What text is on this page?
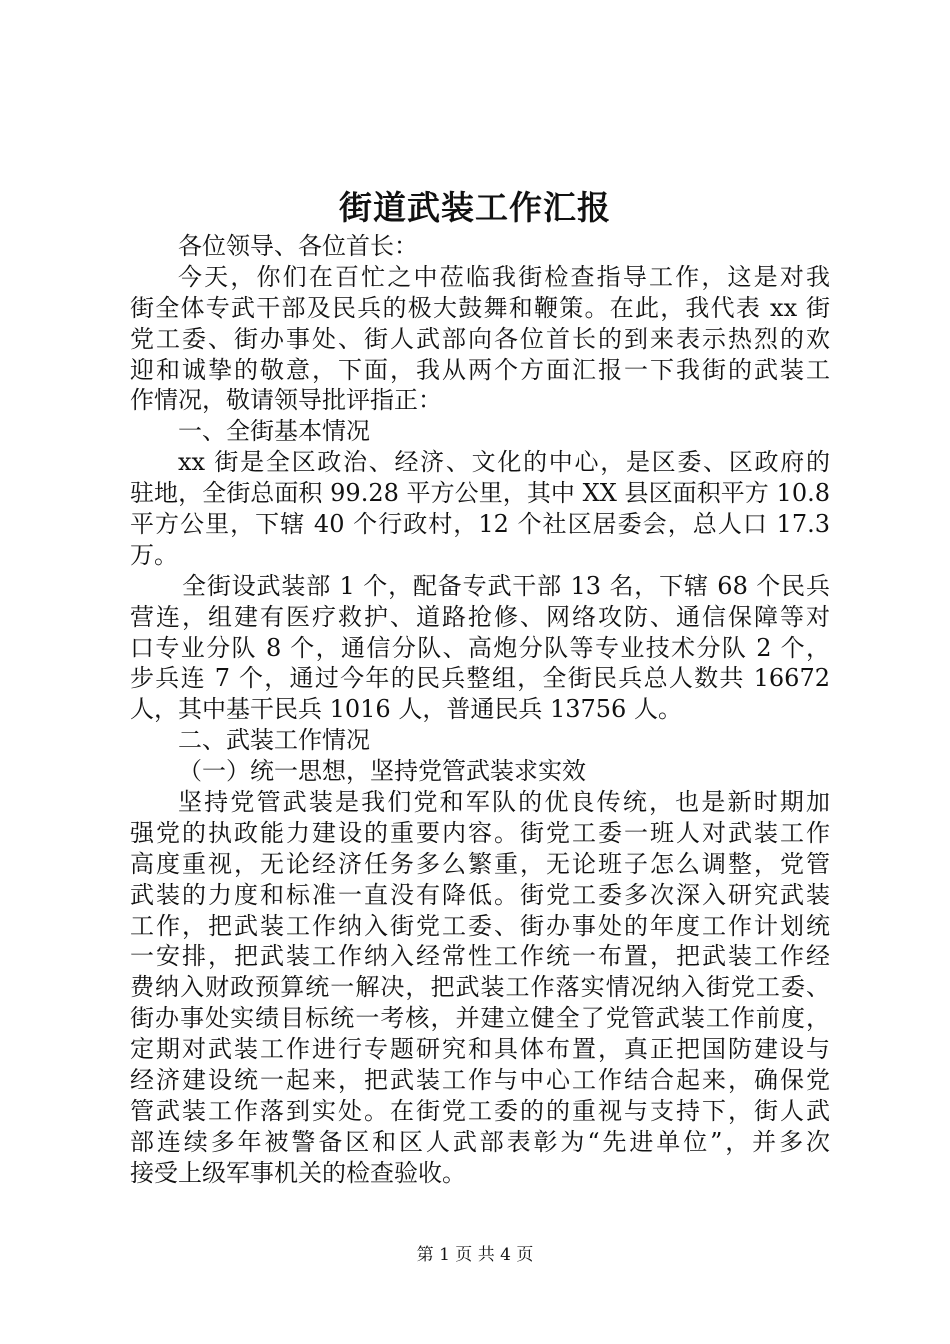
街道武装工作汇报
各位领导、各位首长：
今天，你们在百忙之中莅临我街检查指导工作，这是对我
街全体专武干部及民兵的极大鼓舞和鞭策。在此，我代表 xx 街
党工委、街办事处、街人武部向各位首长的到来表示热烈的欢
迎和诚挚的敬意，下面，我从两个方面汇报一下我街的武装工
作情况，敬请领导批评指正：
一、全街基本情况
xx 街是全区政治、经济、文化的中心，是区委、区政府的
驻地，全街总面积 99.28 平方公里，其中 XX 县区面积平方 10.8
平方公里，下辖 40 个行政村，12 个社区居委会，总人口 17.3
万。
全街设武装部 1 个，配备专武干部 13 名，下辖 68 个民兵
营连，组建有医疗救护、道路抢修、网络攻防、通信保障等对
口专业分队 8 个，通信分队、高炮分队等专业技术分队 2 个，
步兵连 7 个，通过今年的民兵整组，全街民兵总人数共 16672
人，其中基干民兵 1016 人，普通民兵 13756 人。
二、武装工作情况
（一）统一思想，坚持党管武装求实效
坚持党管武装是我们党和军队的优良传统，也是新时期加
强党的执政能力建设的重要内容。街党工委一班人对武装工作
高度重视，无论经济任务多么繁重，无论班子怎么调整，党管
武装的力度和标准一直没有降低。街党工委多次深入研究武装
工作，把武装工作纳入街党工委、街办事处的年度工作计划统
一安排，把武装工作纳入经常性工作统一布置，把武装工作经
费纳入财政预算统一解决，把武装工作落实情况纳入街党工委、
街办事处实绩目标统一考核，并建立健全了党管武装工作前度，
定期对武装工作进行专题研究和具体布置，真正把国防建设与
经济建设统一起来，把武装工作与中心工作结合起来，确保党
管武装工作落到实处。在街党工委的的重视与支持下，街人武
部连续多年被警备区和区人武部表彰为“先进单位”，并多次
接受上级军事机关的检查验收。
第 1 页 共 4 页
